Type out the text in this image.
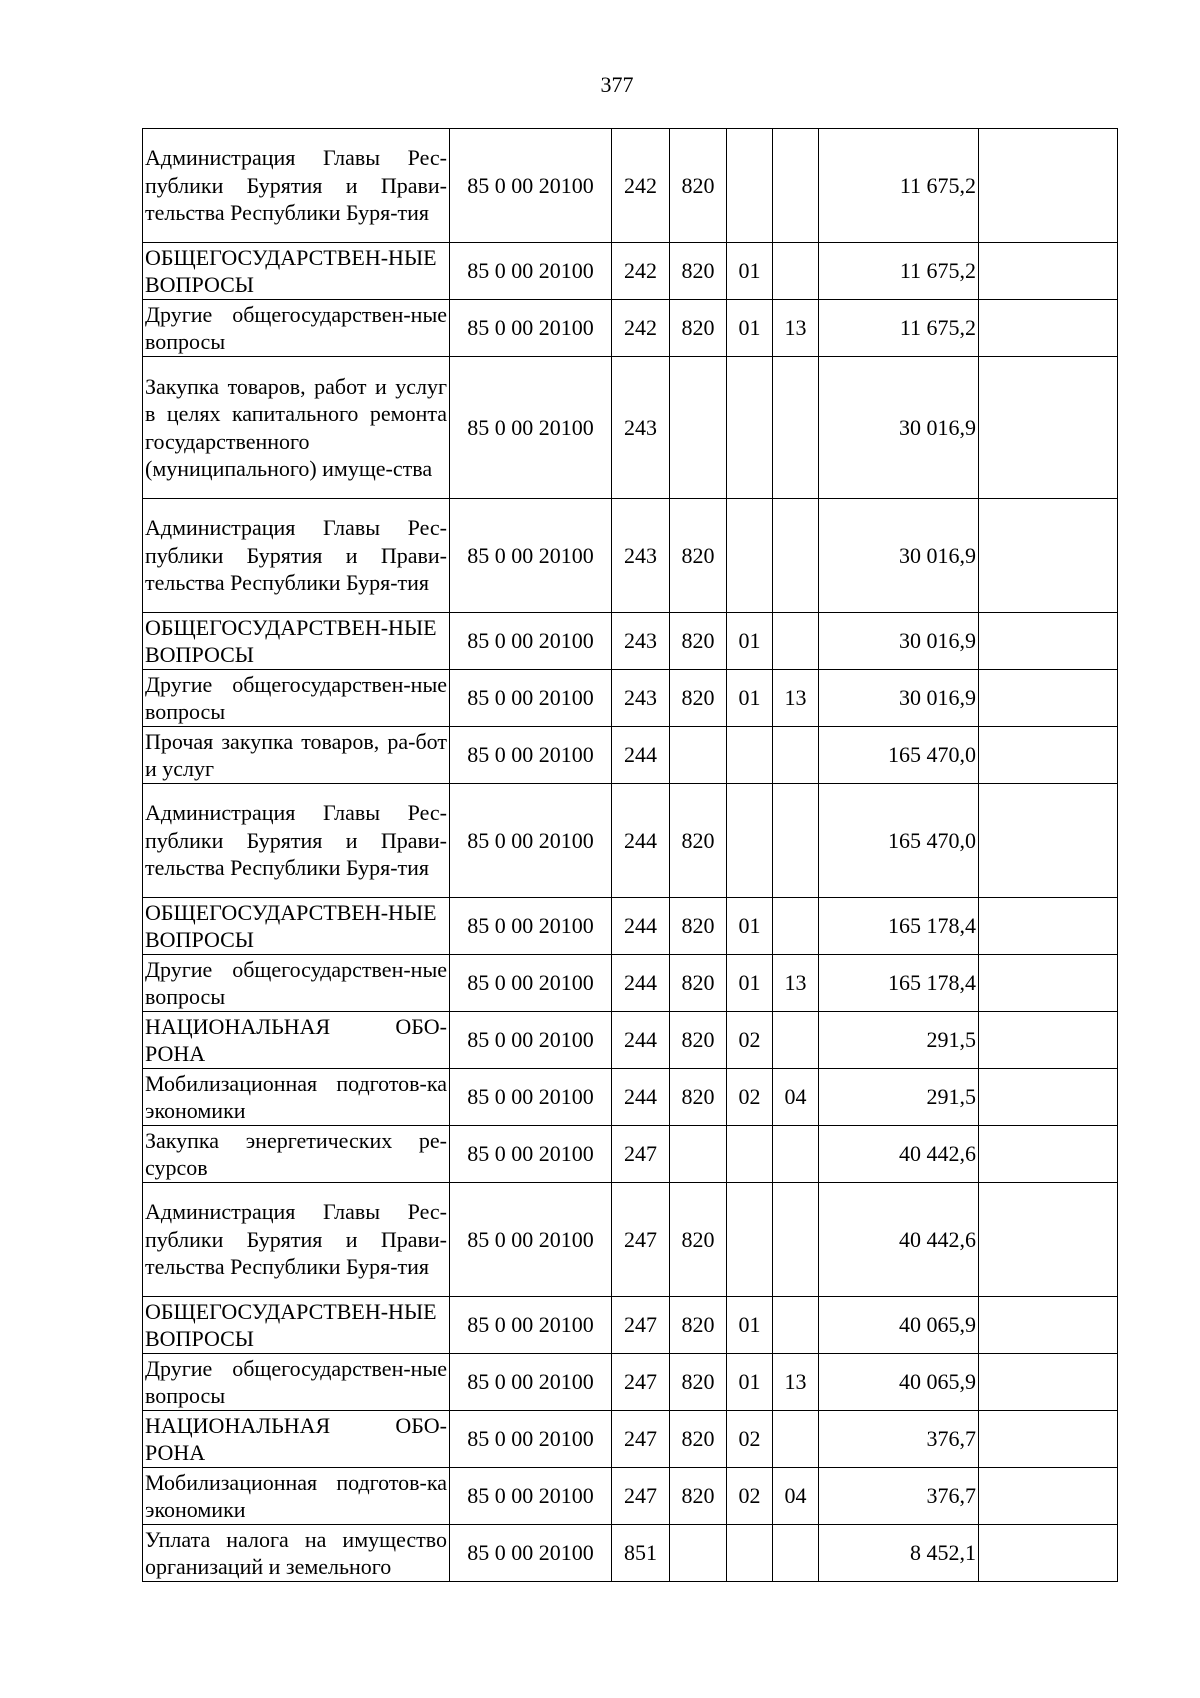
377
Администрация Главы Рес-публики Бурятия и Прави-тельства Республики Буря-тия	85 0 00 20100	242	820			11 675,2	
ОБЩЕГОСУДАРСТВЕН-НЫЕ ВОПРОСЫ	85 0 00 20100	242	820	01		11 675,2	
Другие общегосударствен-ные вопросы	85 0 00 20100	242	820	01	13	11 675,2	
Закупка товаров, работ и услуг в целях капитального ремонта государственного (муниципального) имуще-ства	85 0 00 20100	243				30 016,9	
Администрация Главы Рес-публики Бурятия и Прави-тельства Республики Буря-тия	85 0 00 20100	243	820			30 016,9	
ОБЩЕГОСУДАРСТВЕН-НЫЕ ВОПРОСЫ	85 0 00 20100	243	820	01		30 016,9	
Другие общегосударствен-ные вопросы	85 0 00 20100	243	820	01	13	30 016,9	
Прочая закупка товаров, ра-бот и услуг	85 0 00 20100	244				165 470,0	
Администрация Главы Рес-публики Бурятия и Прави-тельства Республики Буря-тия	85 0 00 20100	244	820			165 470,0	
ОБЩЕГОСУДАРСТВЕН-НЫЕ ВОПРОСЫ	85 0 00 20100	244	820	01		165 178,4	
Другие общегосударствен-ные вопросы	85 0 00 20100	244	820	01	13	165 178,4	
НАЦИОНАЛЬНАЯ ОБО-РОНА	85 0 00 20100	244	820	02		291,5	
Мобилизационная подготов-ка экономики	85 0 00 20100	244	820	02	04	291,5	
Закупка энергетических ре-сурсов	85 0 00 20100	247				40 442,6	
Администрация Главы Рес-публики Бурятия и Прави-тельства Республики Буря-тия	85 0 00 20100	247	820			40 442,6	
ОБЩЕГОСУДАРСТВЕН-НЫЕ ВОПРОСЫ	85 0 00 20100	247	820	01		40 065,9	
Другие общегосударствен-ные вопросы	85 0 00 20100	247	820	01	13	40 065,9	
НАЦИОНАЛЬНАЯ ОБО-РОНА	85 0 00 20100	247	820	02		376,7	
Мобилизационная подготов-ка экономики	85 0 00 20100	247	820	02	04	376,7	
Уплата налога на имущество организаций и земельного	85 0 00 20100	851				8 452,1	
